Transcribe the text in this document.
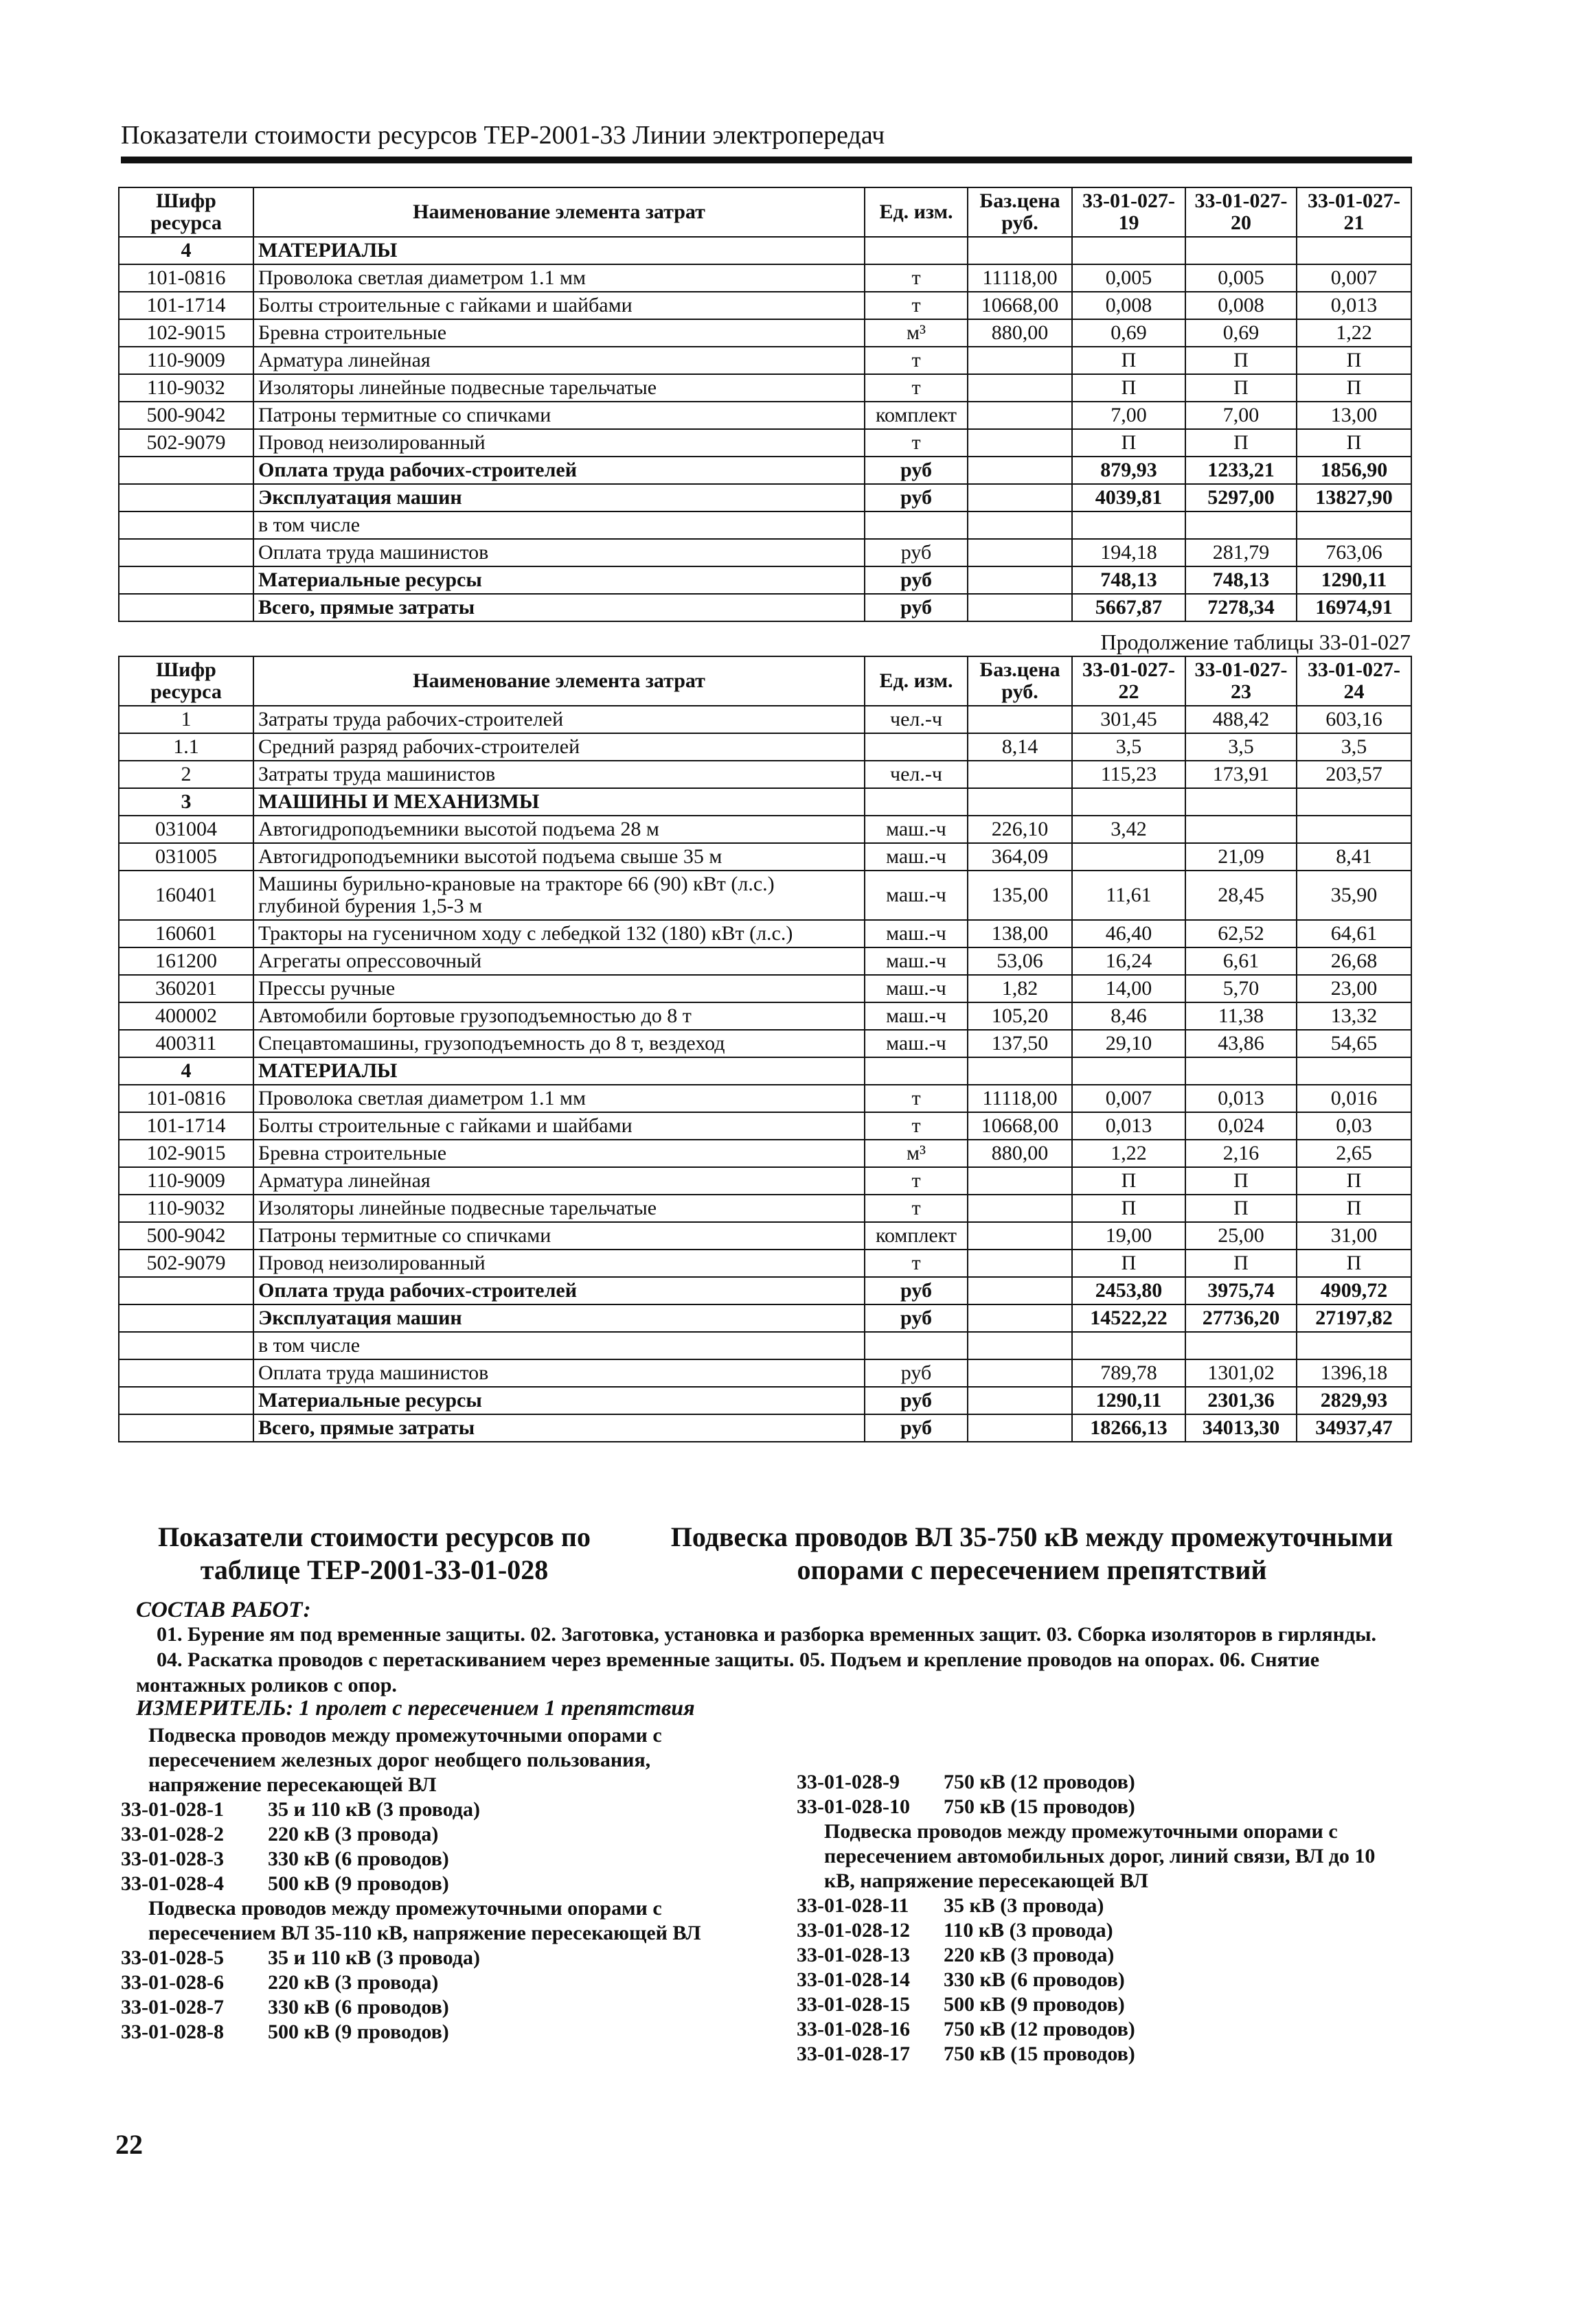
Показатели стоимости ресурсов ТЕР-2001-33 Линии электропередач
Шифр ресурса	Наименование элемента затрат	Ед. изм.	Баз.цена руб.	33-01-027-19	33-01-027-20	33-01-027-21
4	МАТЕРИАЛЫ					
101-0816	Проволока светлая диаметром 1.1 мм	т	11118,00	0,005	0,005	0,007
101-1714	Болты строительные с гайками и шайбами	т	10668,00	0,008	0,008	0,013
102-9015	Бревна строительные	м³	880,00	0,69	0,69	1,22
110-9009	Арматура линейная	т		П	П	П
110-9032	Изоляторы линейные подвесные тарельчатые	т		П	П	П
500-9042	Патроны термитные со спичками	комплект		7,00	7,00	13,00
502-9079	Провод неизолированный	т		П	П	П
	Оплата труда рабочих-строителей	руб		879,93	1233,21	1856,90
	Эксплуатация машин	руб		4039,81	5297,00	13827,90
	в том числе					
	Оплата труда машинистов	руб		194,18	281,79	763,06
	Материальные ресурсы	руб		748,13	748,13	1290,11
	Всего, прямые затраты	руб		5667,87	7278,34	16974,91
Продолжение таблицы 33-01-027
Шифр ресурса	Наименование элемента затрат	Ед. изм.	Баз.цена руб.	33-01-027-22	33-01-027-23	33-01-027-24
1	Затраты труда рабочих-строителей	чел.-ч		301,45	488,42	603,16
1.1	Средний разряд рабочих-строителей		8,14	3,5	3,5	3,5
2	Затраты труда машинистов	чел.-ч		115,23	173,91	203,57
3	МАШИНЫ И МЕХАНИЗМЫ					
031004	Автогидроподъемники высотой подъема 28 м	маш.-ч	226,10	3,42		
031005	Автогидроподъемники высотой подъема свыше 35 м	маш.-ч	364,09		21,09	8,41
160401	Машины бурильно-крановые на тракторе 66 (90) кВт (л.с.) глубиной бурения 1,5-3 м	маш.-ч	135,00	11,61	28,45	35,90
160601	Тракторы на гусеничном ходу с лебедкой 132 (180) кВт (л.с.)	маш.-ч	138,00	46,40	62,52	64,61
161200	Агрегаты опрессовочный	маш.-ч	53,06	16,24	6,61	26,68
360201	Прессы ручные	маш.-ч	1,82	14,00	5,70	23,00
400002	Автомобили бортовые грузоподъемностью до 8 т	маш.-ч	105,20	8,46	11,38	13,32
400311	Спецавтомашины, грузоподъемность до 8 т, вездеход	маш.-ч	137,50	29,10	43,86	54,65
4	МАТЕРИАЛЫ					
101-0816	Проволока светлая диаметром 1.1 мм	т	11118,00	0,007	0,013	0,016
101-1714	Болты строительные с гайками и шайбами	т	10668,00	0,013	0,024	0,03
102-9015	Бревна строительные	м³	880,00	1,22	2,16	2,65
110-9009	Арматура линейная	т		П	П	П
110-9032	Изоляторы линейные подвесные тарельчатые	т		П	П	П
500-9042	Патроны термитные со спичками	комплект		19,00	25,00	31,00
502-9079	Провод неизолированный	т		П	П	П
	Оплата труда рабочих-строителей	руб		2453,80	3975,74	4909,72
	Эксплуатация машин	руб		14522,22	27736,20	27197,82
	в том числе					
	Оплата труда машинистов	руб		789,78	1301,02	1396,18
	Материальные ресурсы	руб		1290,11	2301,36	2829,93
	Всего, прямые затраты	руб		18266,13	34013,30	34937,47
Показатели стоимости ресурсов по таблице ТЕР-2001-33-01-028
Подвеска проводов ВЛ 35-750 кВ между промежуточными опорами с пересечением препятствий
СОСТАВ РАБОТ:

01. Бурение ям под временные защиты. 02. Заготовка, установка и разборка временных защит. 03. Сборка изоляторов в гирлянды.

04. Раскатка проводов с перетаскиванием через временные защиты. 05. Подъем и крепление проводов на опорах. 06. Снятие монтажных роликов с опор.

ИЗМЕРИТЕЛЬ: 1 пролет с пересечением 1 препятствия

Подвеска проводов между промежуточными опорами с пересечением железных дорог необщего пользования, напряжение пересекающей ВЛ

33-01-028-1	35 и 110 кВ (3 провода)
33-01-028-2	220 кВ (3 провода)
33-01-028-3	330 кВ (6 проводов)
33-01-028-4	500 кВ (9 проводов)

Подвеска проводов между промежуточными опорами с пересечением ВЛ 35-110 кВ, напряжение пересекающей ВЛ

33-01-028-5	35 и 110 кВ (3 провода)
33-01-028-6	220 кВ (3 провода)
33-01-028-7	330 кВ (6 проводов)
33-01-028-8	500 кВ (9 проводов)
33-01-028-9	750 кВ (12 проводов)
33-01-028-10	750 кВ (15 проводов)

Подвеска проводов между промежуточными опорами с пересечением автомобильных дорог, линий связи, ВЛ до 10 кВ, напряжение пересекающей ВЛ

33-01-028-11	35 кВ (3 провода)
33-01-028-12	110 кВ (3 провода)
33-01-028-13	220 кВ (3 провода)
33-01-028-14	330 кВ (6 проводов)
33-01-028-15	500 кВ (9 проводов)
33-01-028-16	750 кВ (12 проводов)
33-01-028-17	750 кВ (15 проводов)
22
